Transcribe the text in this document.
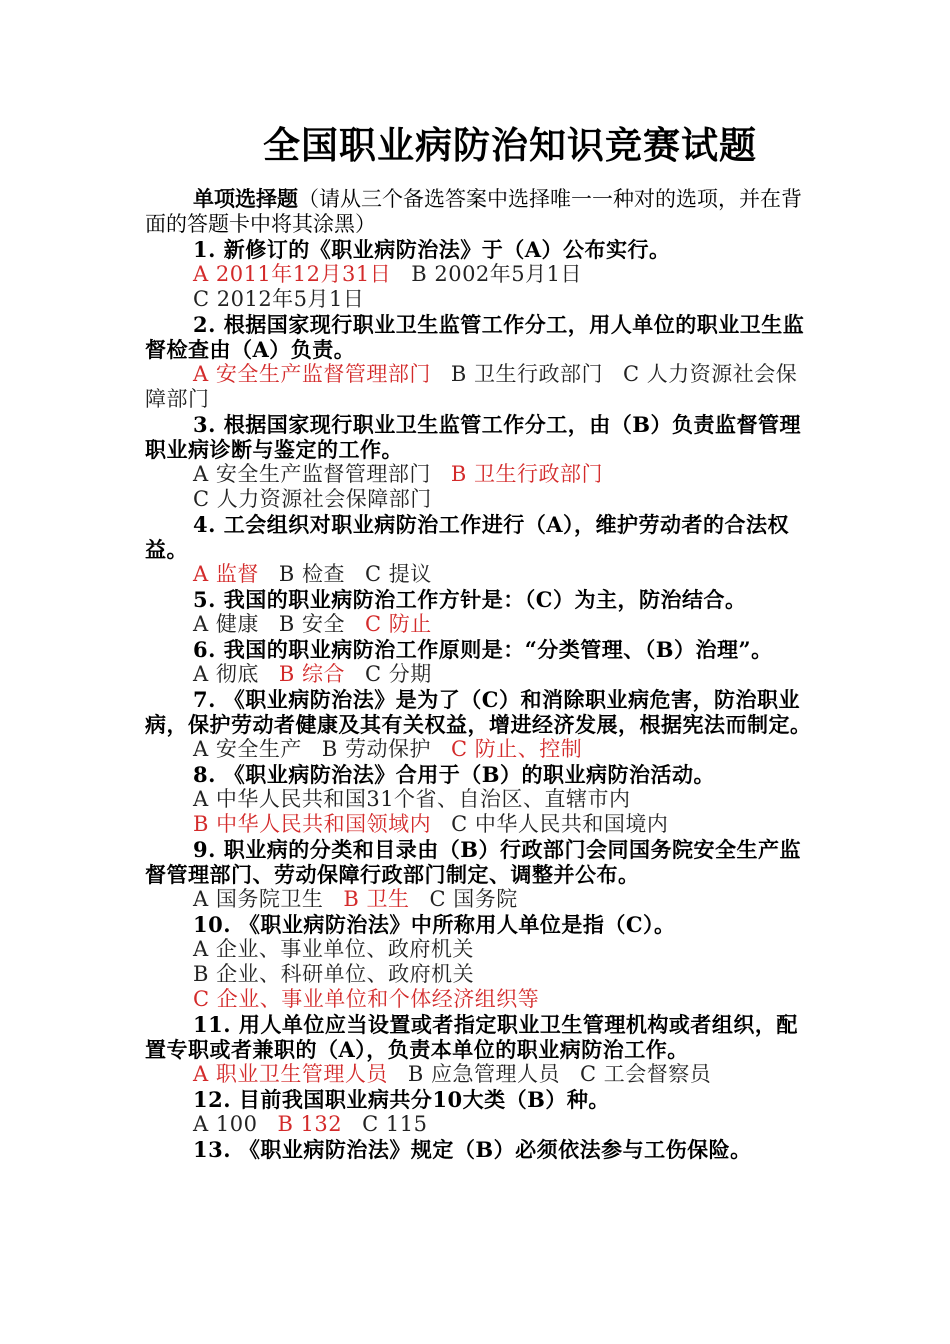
全国职业病防治知识竞赛试题

单项选择题（请从三个备选答案中选择唯一一种对的选项，并在背面的答题卡中将其涂黑）

1. 新修订的《职业病防治法》于（A）公布实行。

A 2011年12月31日 B 2002年5月1日

C 2012年5月1日

2. 根据国家现行职业卫生监管工作分工，用人单位的职业卫生监督检查由（A）负责。

A 安全生产监督管理部门 B 卫生行政部门 C 人力资源社会保障部门

3. 根据国家现行职业卫生监管工作分工，由（B）负责监督管理职业病诊断与鉴定的工作。

A 安全生产监督管理部门 B 卫生行政部门

C 人力资源社会保障部门

4. 工会组织对职业病防治工作进行（A），维护劳动者的合法权益。

A 监督 B 检查 C 提议

5. 我国的职业病防治工作方针是：（C）为主，防治结合。

A 健康 B 安全 C 防止

6. 我国的职业病防治工作原则是：“分类管理、（B）治理”。

A 彻底 B 综合 C 分期

7. 《职业病防治法》是为了（C）和消除职业病危害，防治职业病，保护劳动者健康及其有关权益，增进经济发展，根据宪法而制定。

A 安全生产 B 劳动保护 C 防止、控制

8. 《职业病防治法》合用于（B）的职业病防治活动。

A 中华人民共和国31个省、自治区、直辖市内

B 中华人民共和国领域内 C 中华人民共和国境内

9. 职业病的分类和目录由（B）行政部门会同国务院安全生产监督管理部门、劳动保障行政部门制定、调整并公布。

A 国务院卫生 B 卫生 C 国务院

10. 《职业病防治法》中所称用人单位是指（C）。

A 企业、事业单位、政府机关

B 企业、科研单位、政府机关

C 企业、事业单位和个体经济组织等

11. 用人单位应当设置或者指定职业卫生管理机构或者组织，配置专职或者兼职的（A），负责本单位的职业病防治工作。

A 职业卫生管理人员 B 应急管理人员 C 工会督察员

12. 目前我国职业病共分10大类（B）种。

A 100 B 132 C 115

13. 《职业病防治法》规定（B）必须依法参与工伤保险。
